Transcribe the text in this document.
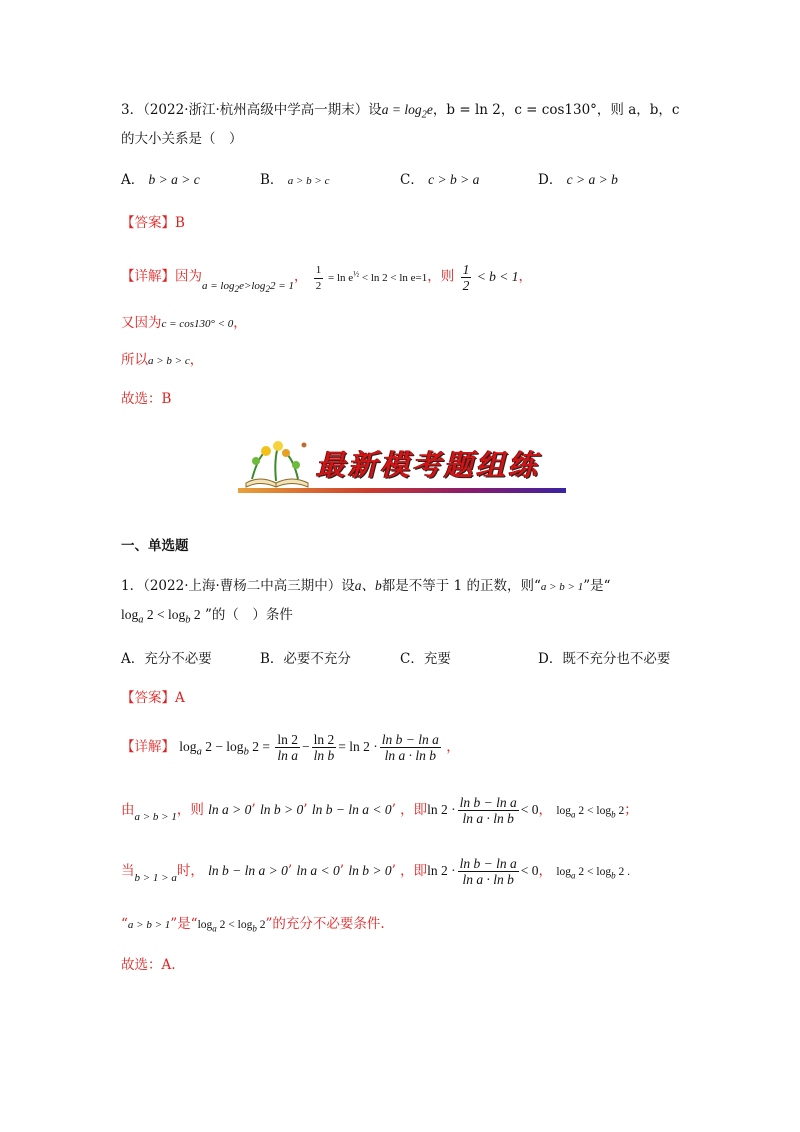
3．（2022·浙江·杭州高级中学高一期末）设$a = \log_2e$，b = ln 2，c = cos130°，则 a，b，c
的大小关系是（　）
A． b > a > c	B． a > b > c	C． c > b > a	D． c > a > b
【答案】B
【详解】因为$_{a = log_2e>log_22 = 1}$， $\frac{1}{2} = \ln e^{\frac{1}{2}} < \ln 2 < \ln e=1$，则 $\frac{1}{2} < b < 1$，
又因为c = cos130° < 0，
所以a > b > c，
故选：B
最新模考题组练
一、单选题
1．（2022·上海·曹杨二中高三期中）设a、b都是不等于 1 的正数，则“a > b > 1”是“
$\log_a 2 < \log_b 2$ ”的（　）条件
A．充分不必要	B．必要不充分	C．充要	D．既不充分也不必要
【答案】A
【详解】 $\log_a 2 - \log_b 2 = \frac{\ln 2}{\text{ln a}} - \frac{\ln 2}{\text{ln b}} = \ln 2 \cdot \frac{\text{ln b − ln a}}{\text{ln a · ln b}}$ ，
由$_{a > b > 1}$，则 ln a > 0’ ln b > 0’ ln b − ln a < 0’ ，即$\ln 2 \cdot \frac{\text{ln b − ln a}}{\text{ln a · ln b}} < 0$， $\log_a 2 < \log_b 2$；
当$_{b > 1 > a}$时， ln b − ln a > 0’ ln a < 0’ ln b > 0’ ，即$\ln 2 \cdot \frac{\text{ln b − ln a}}{\text{ln a · ln b}} < 0$， $\log_a 2 < \log_b 2$ .
“a > b > 1”是“$\log_a$ $2 < \log_b 2$”的充分不必要条件.
故选：A.
